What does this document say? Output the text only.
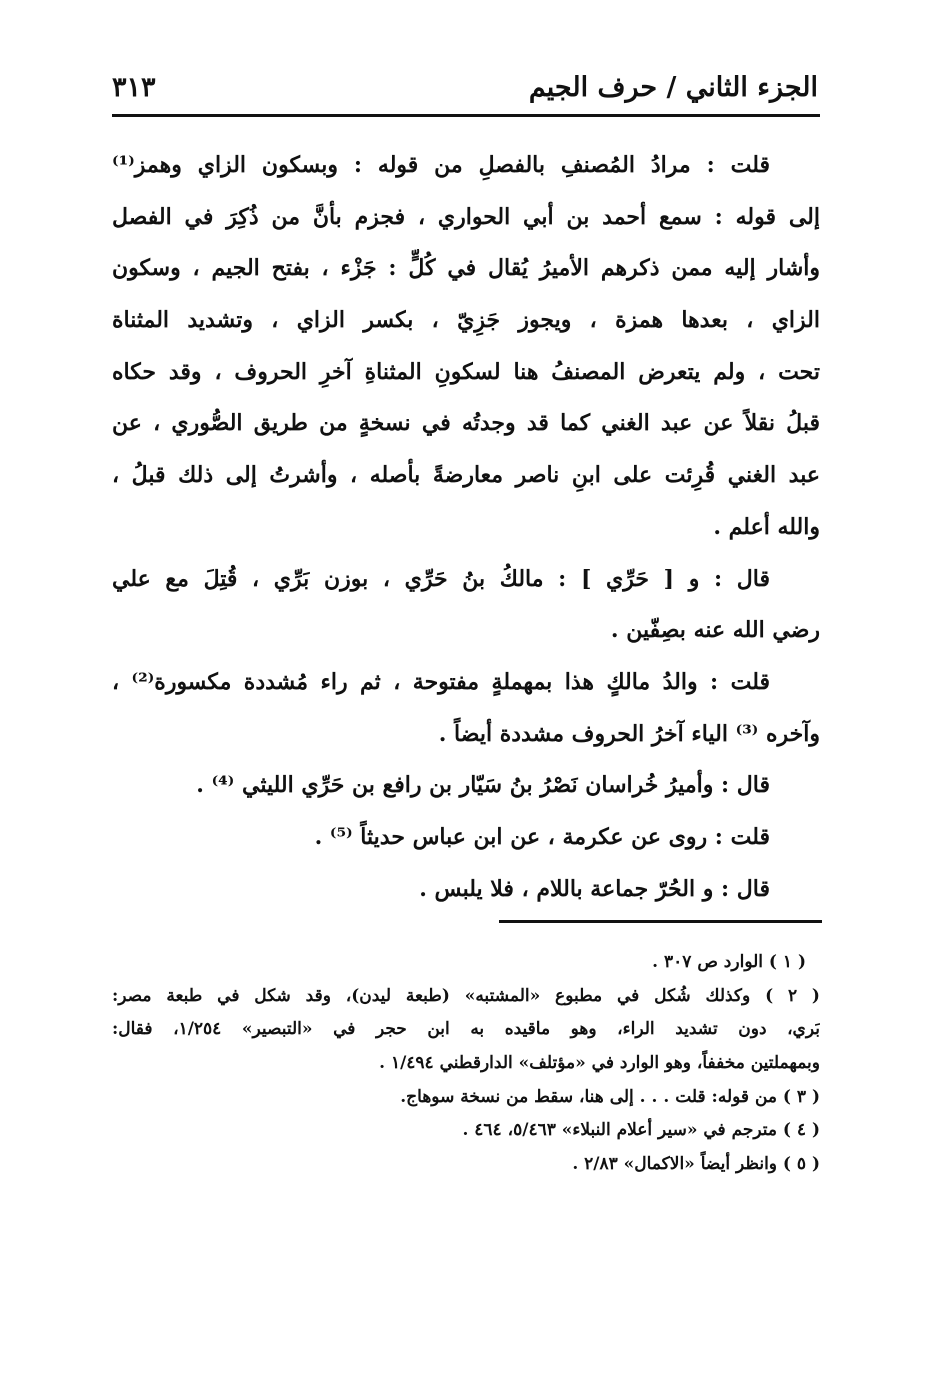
الجزء الثاني / حرف الجيم
٣١٣
قلت : مرادُ المُصنفِ بالفصلِ من قوله : وبسكون الزاي وهمز⁽¹⁾
إلى قوله : سمع أحمد بن أبي الحواري ، فجزم بأنَّ من ذُكِرَ في الفصل
وأشار إليه ممن ذكرهم الأميرُ يُقال في كُلٍّ : جَزْء ، بفتح الجيم ، وسكون
الزاي ، بعدها همزة ، ويجوز جَزِيّ ، بكسر الزاي ، وتشديد المثناة
تحت ، ولم يتعرض المصنفُ هنا لسكونِ المثناةِ آخرِ الحروف ، وقد حكاه
قبلُ نقلاً عن عبد الغني كما قد وجدتُه في نسخةٍ من طريق الصُّوري ، عن
عبد الغني قُرِئت على ابنِ ناصر معارضةً بأصله ، وأشرتُ إلى ذلك قبلُ ،
والله أعلم .
قال : و [ حَرِّي ] : مالكُ بنُ حَرِّي ، بوزن بَرِّي ، قُتِلَ مع علي
رضي الله عنه بصِفّين .
قلت : والدُ مالكٍ هذا بمهملةٍ مفتوحة ، ثم راء مُشددة مكسورة⁽²⁾ ،
وآخره ⁽³⁾ الياء آخرُ الحروف مشددة أيضاً .
قال : وأميرُ خُراسان نَصْرُ بنُ سَيّار بن رافع بن حَرِّي الليثي ⁽⁴⁾ .
قلت : روى عن عكرمة ، عن ابن عباس حديثاً ⁽⁵⁾ .
قال : و الحُرّ جماعة باللام ، فلا يلبس .
( ١ ) الوارد ص ٣٠٧ .
( ٢ ) وكذلك شُكل في مطبوع «المشتبه» (طبعة ليدن)، وقد شكل في طبعة مصر:
بَري، دون تشديد الراء، وهو ماقيده به ابن حجر في «التبصير» ١/٢٥٤، فقال:
وبمهملتين مخففاً، وهو الوارد في «مؤتلف» الدارقطني ١/٤٩٤ .
( ٣ ) من قوله: قلت . . . إلى هنا، سقط من نسخة سوهاج.
( ٤ ) مترجم في «سير أعلام النبلاء» ٥/٤٦٣، ٤٦٤ .
( ٥ ) وانظر أيضاً «الاكمال» ٢/٨٣ .
